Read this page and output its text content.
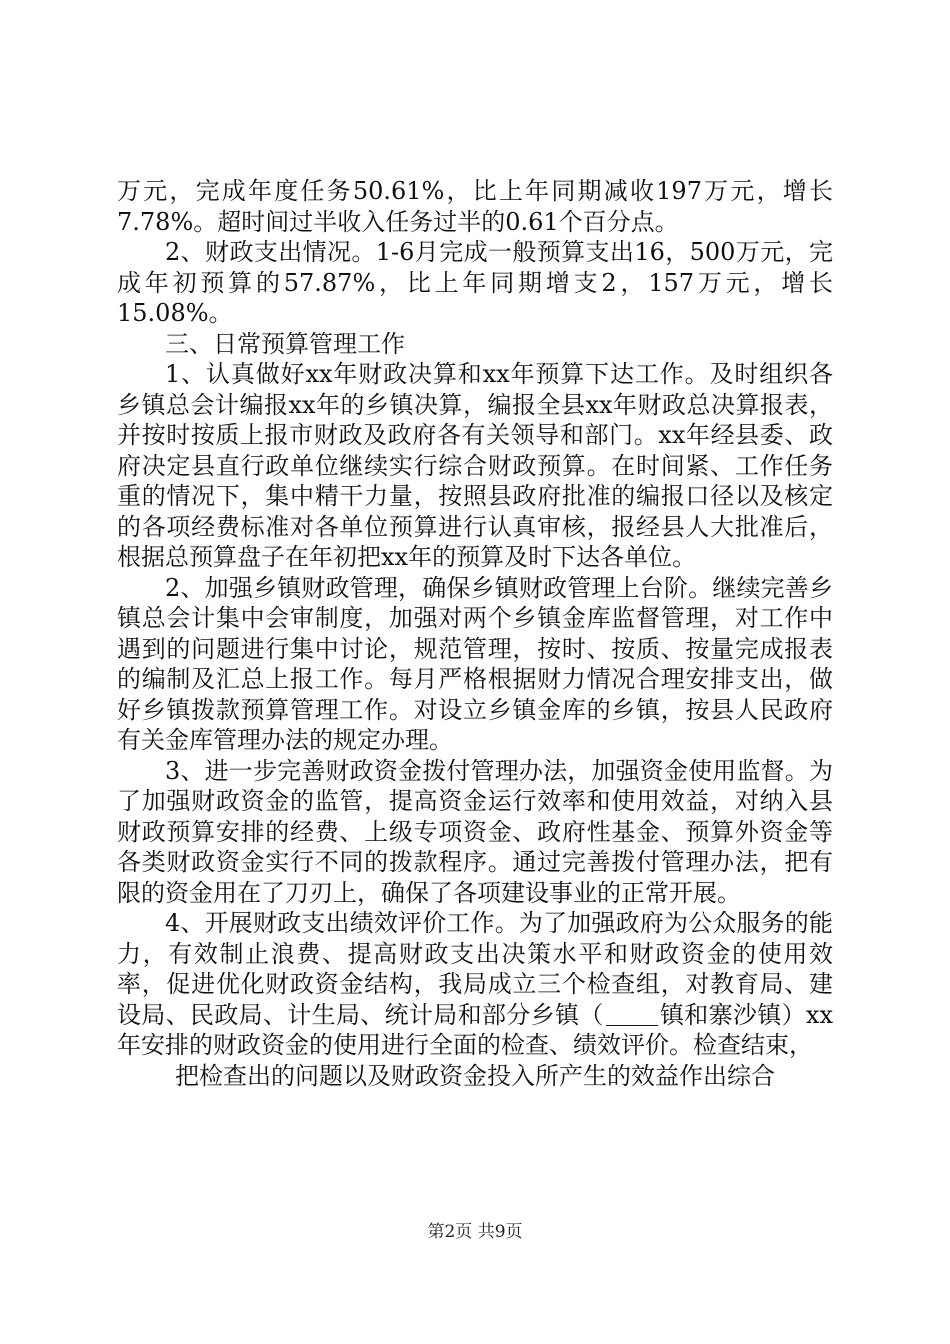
万元，完成年度任务50.61%，比上年同期减收197万元，增长7.78%。超时间过半收入任务过半的0.61个百分点。

2、财政支出情况。1-6月完成一般预算支出16，500万元，完成年初预算的57.87%，比上年同期增支2，157万元，增长15.08%。

三、日常预算管理工作

1、认真做好xx年财政决算和xx年预算下达工作。及时组织各乡镇总会计编报xx年的乡镇决算，编报全县xx年财政总决算报表，并按时按质上报市财政及政府各有关领导和部门。xx年经县委、政府决定县直行政单位继续实行综合财政预算。在时间紧、工作任务重的情况下，集中精干力量，按照县政府批准的编报口径以及核定的各项经费标准对各单位预算进行认真审核，报经县人大批准后，根据总预算盘子在年初把xx年的预算及时下达各单位。

2、加强乡镇财政管理，确保乡镇财政管理上台阶。继续完善乡镇总会计集中会审制度，加强对两个乡镇金库监督管理，对工作中遇到的问题进行集中讨论，规范管理，按时、按质、按量完成报表的编制及汇总上报工作。每月严格根据财力情况合理安排支出，做好乡镇拨款预算管理工作。对设立乡镇金库的乡镇，按县人民政府有关金库管理办法的规定办理。

3、进一步完善财政资金拨付管理办法，加强资金使用监督。为了加强财政资金的监管，提高资金运行效率和使用效益，对纳入县财政预算安排的经费、上级专项资金、政府性基金、预算外资金等各类财政资金实行不同的拨款程序。通过完善拨付管理办法，把有限的资金用在了刀刃上，确保了各项建设事业的正常开展。

4、开展财政支出绩效评价工作。为了加强政府为公众服务的能力，有效制止浪费、提高财政支出决策水平和财政资金的使用效率，促进优化财政资金结构，我局成立三个检查组，对教育局、建设局、民政局、计生局、统计局和部分乡镇（ 镇和寨沙镇）xx年安排的财政资金的使用进行全面的检查、绩效评价。检查结束，

把检查出的问题以及财政资金投入所产生的效益作出综合

第2页 共9页
